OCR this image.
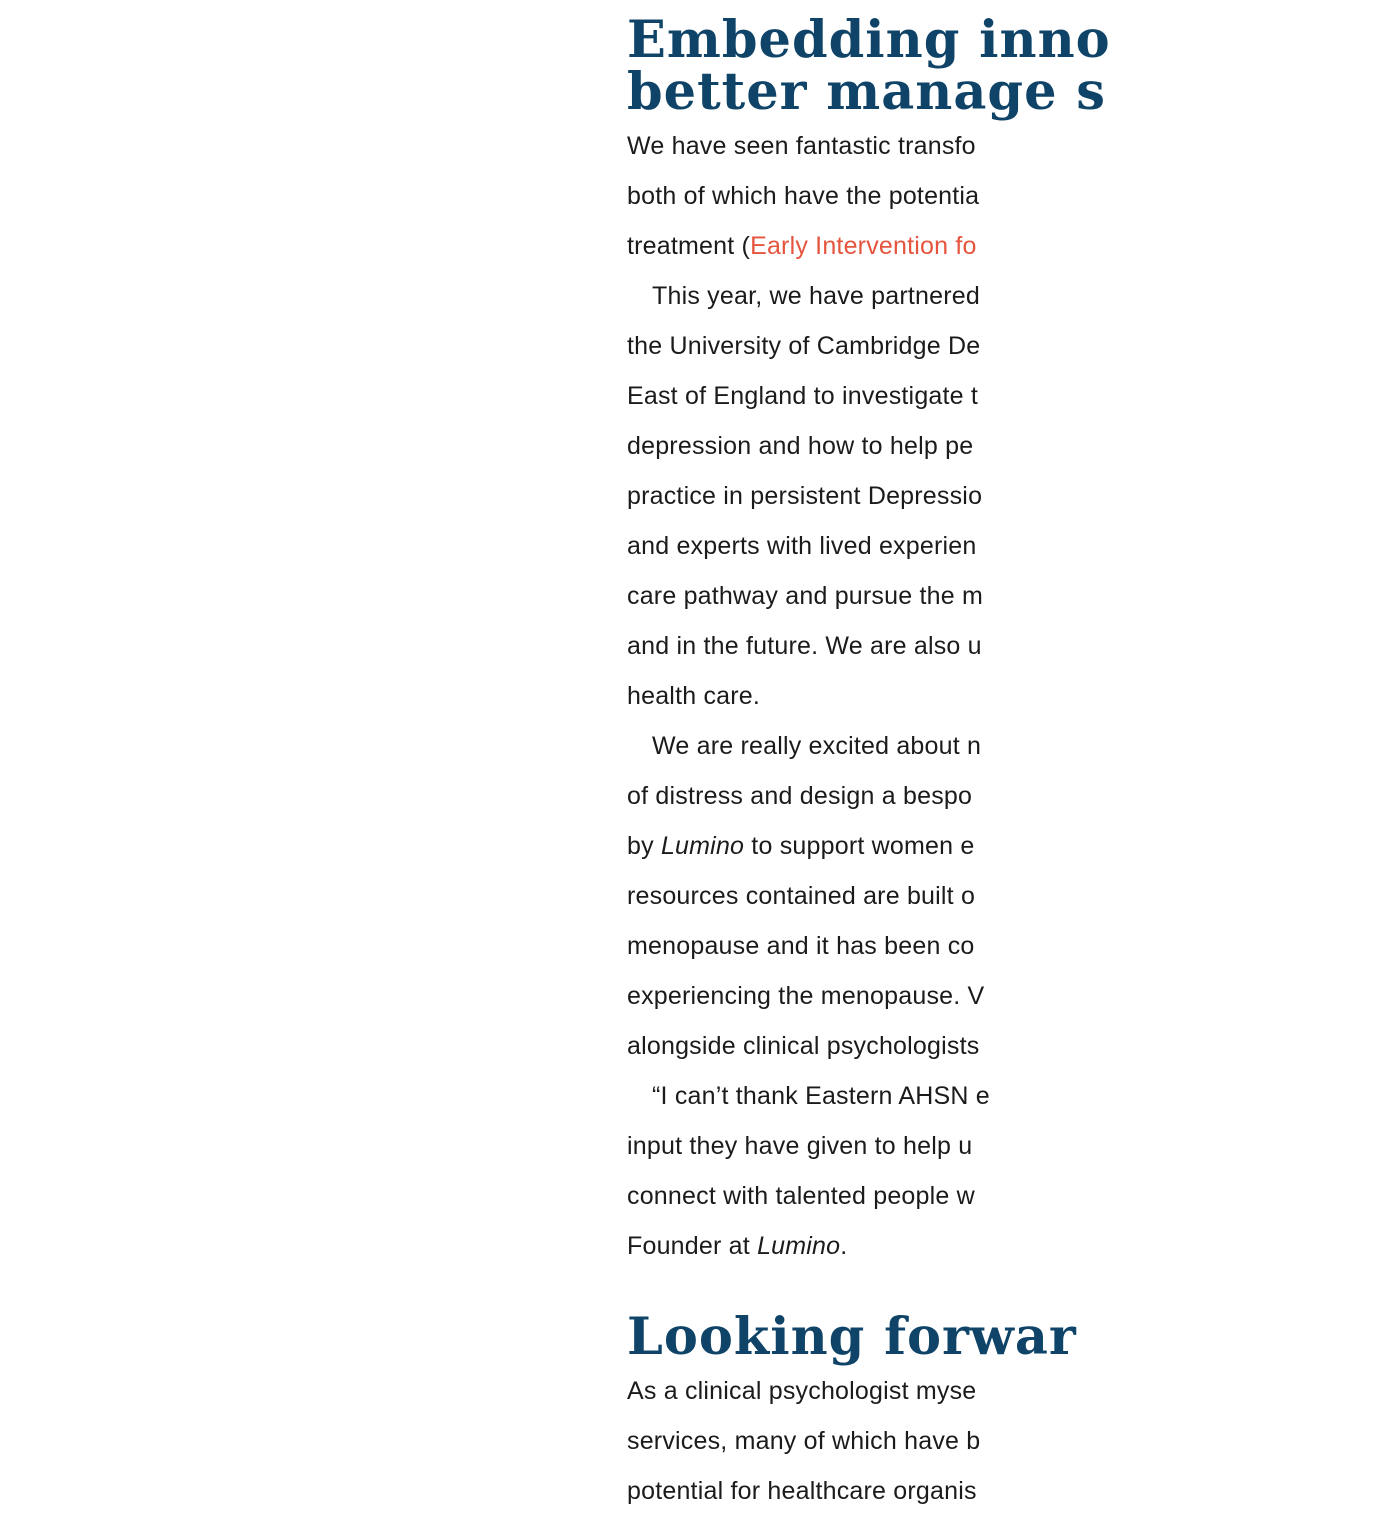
Embedding inno
better manage s
We have seen fantastic transfo
both of which have the potentia
treatment (Early Intervention fo
This year, we have partnered
the University of Cambridge De
East of England to investigate t
depression and how to help pe
practice in persistent Depressio
and experts with lived experien
care pathway and pursue the m
and in the future. We are also u
health care.
We are really excited about n
of distress and design a bespo
by Lumino to support women e
resources contained are built o
menopause and it has been co
experiencing the menopause. V
alongside clinical psychologists
“I can’t thank Eastern AHSN e
input they have given to help u
connect with talented people w
Founder at Lumino.
Looking forwar
As a clinical psychologist myse
services, many of which have b
potential for healthcare organis
